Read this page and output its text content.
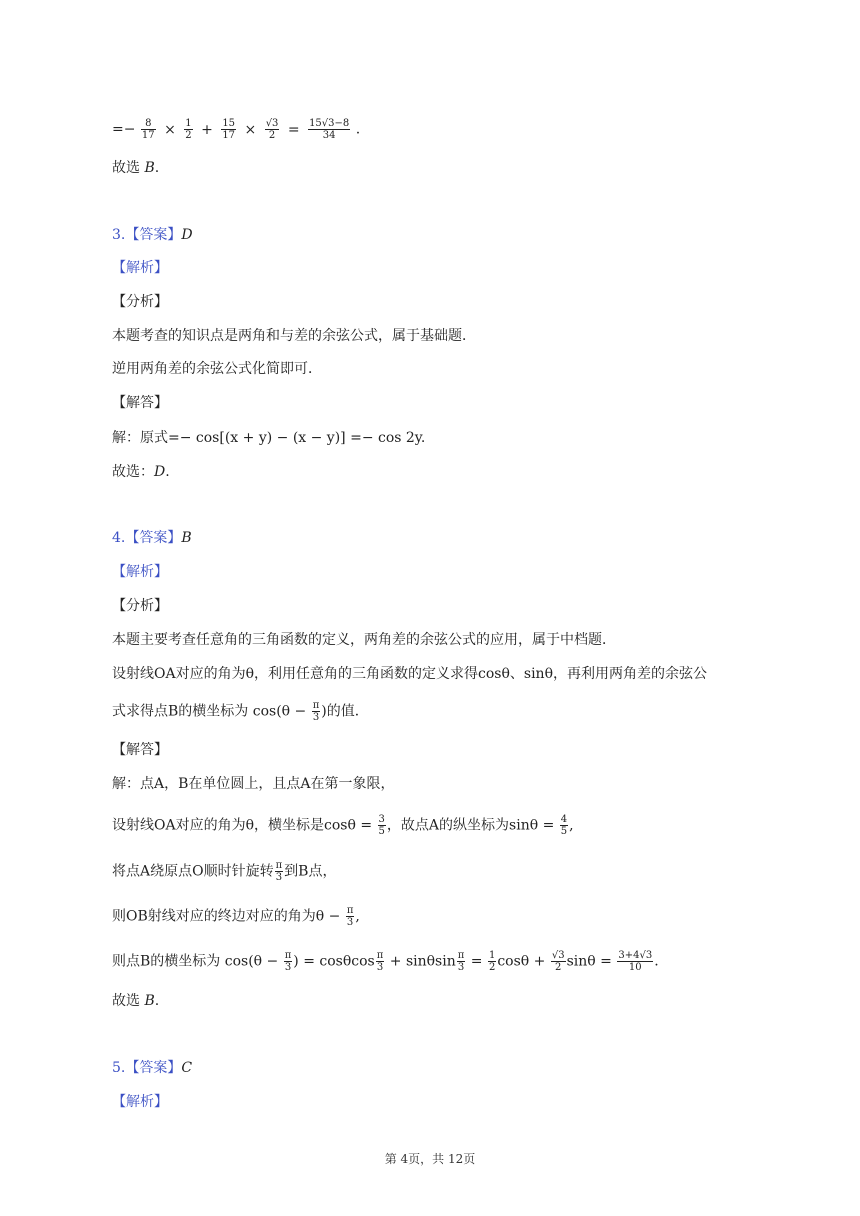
=− $\frac{8}{17} \times \frac{1}{2} + \frac{15}{17} \times \frac{√3}{2} = \frac{15√3-8}{34}$ .
故选 B.
3.【答案】D
【解析】
【分析】
本题考查的知识点是两角和与差的余弦公式，属于基础题．
逆用两角差的余弦公式化简即可．
【解答】
解：原式=− cos[(x + y) − (x − y)] =− cos 2y.
故选：D.
4.【答案】B
【解析】
【分析】
本题主要考查任意角的三角函数的定义，两角差的余弦公式的应用，属于中档题．
设射线OA对应的角为θ，利用任意角的三角函数的定义求得cosθ、sinθ，再利用两角差的余弦公
式求得点B的横坐标为 $\cos(\theta - \frac{\pi}{3}$ )的值．
【解答】
解：点A，B在单位圆上，且点A在第一象限，
设射线OA对应的角为θ，横坐标是$\cos\theta = \frac{3}{5}$ ，故点A的纵坐标为$\sin\theta = \frac{4}{5}$ ,
将点A绕原点O顺时针旋转 $\frac{\pi}{3}$ 到B点，
则OB射线对应的终边对应的角为$\theta - \frac{\pi}{3}$ ,
则点B的横坐标为 $\cos(\theta - \frac{\pi}{3}$ ) = cosθcos $\frac{\pi}{3} + \sin\theta\sin \frac{\pi}{3} = \frac{1}{2}$ $\cos\theta + \frac{√3}{2}$ $\sin\theta = \frac{3+4√3}{10}$ .
故选 B.
5.【答案】C
【解析】
第 4页，共 12页
